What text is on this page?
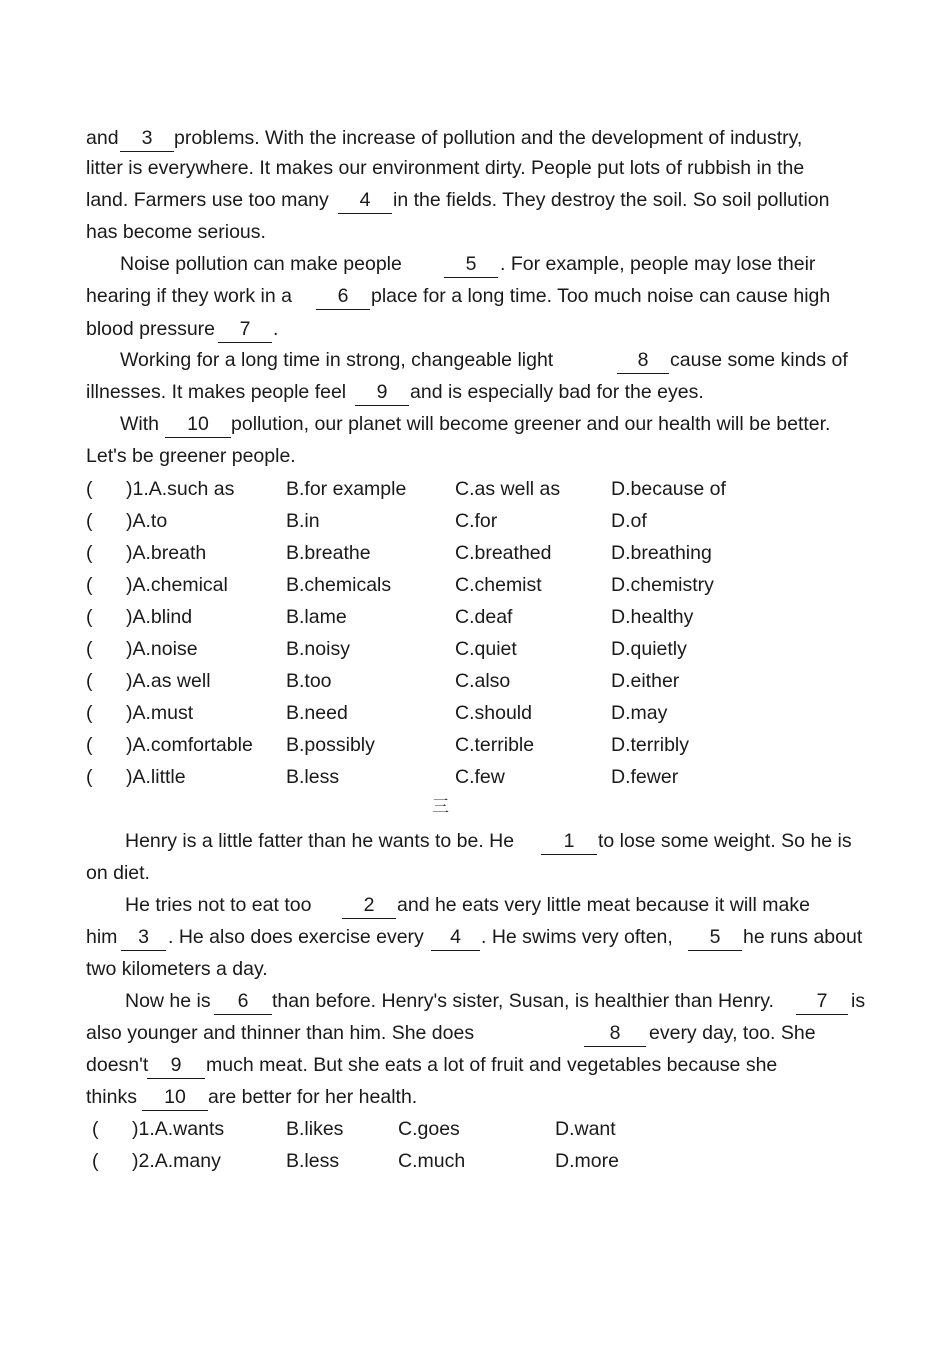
and	3	problems. With the increase of pollution and the development of industry,
litter is everywhere. It makes our environment dirty. People put lots of rubbish in the
land. Farmers use too many	4	in the fields. They destroy the soil. So soil pollution
has become serious.
Noise pollution can make people	5	. For example, people may lose their
hearing if they work in a	6	place for a long time. Too much noise can cause high
blood pressure	7	.
Working for a long time in strong, changeable light	8	cause some kinds of
illnesses. It makes people feel	9	and is especially bad for the eyes.
With	10	pollution, our planet will become greener and our health will be better.
Let's be greener people.
( )1.A.such as	B.for example C.as well as	D.because of
( )A.to	B.in	C.for	D.of
( )A.breath	B.breathe	C.breathed	D.breathing
( )A.chemical	B.chemicals	C.chemist	D.chemistry
( )A.blind	B.lame	C.deaf	D.healthy
( )A.noise	B.noisy	C.quiet	D.quietly
( )A.as well	B.too	C.also	D.either
( )A.must	B.need	C.should	D.may
( )A.comfortable B.possibly	C.terrible	D.terribly
( )A.little	B.less	C.few	D.fewer
三
Henry is a little fatter than he wants to be. He	1	to lose some weight. So he is
on diet.
He tries not to eat too	2	and he eats very little meat because it will make
him	3 . He also does exercise every	4	. He swims very often,	5	he runs about
two kilometers a day.
Now he is	6	than before. Henry's sister, Susan, is healthier than Henry.	7	is
also younger and thinner than him. She does	8	every day, too. She
doesn't	9	much meat. But she eats a lot of fruit and vegetables because she
thinks	10	are better for her health.
( )1.A.wants	B.likes	C.goes	D.want
( )2.A.many	B.less	C.much	D.more
